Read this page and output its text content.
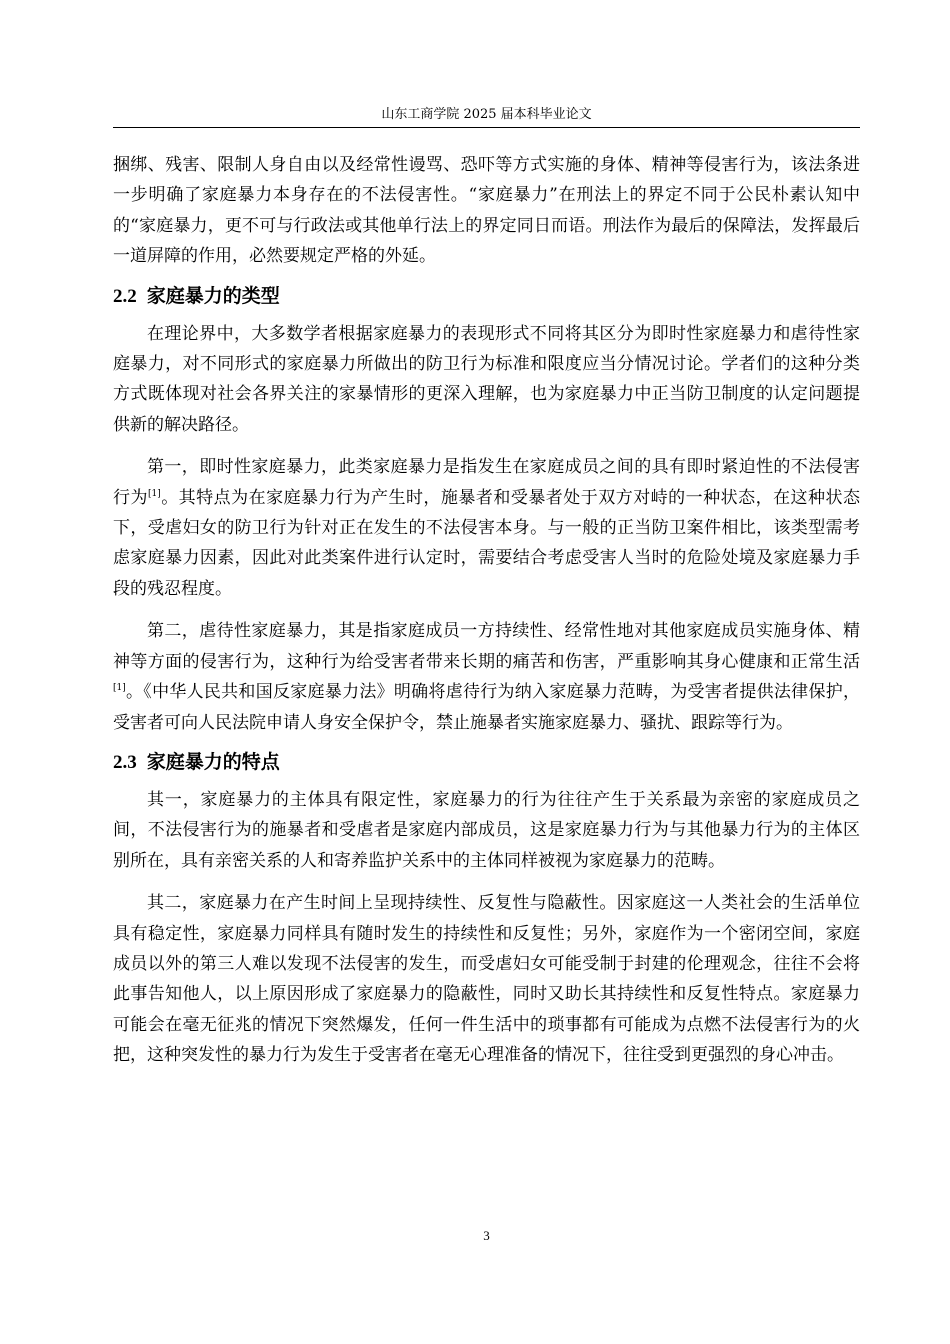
山东工商学院 2025 届本科毕业论文

捆绑、残害、限制人身自由以及经常性谩骂、恐吓等方式实施的身体、精神等侵害行为，该法条进一步明确了家庭暴力本身存在的不法侵害性。“家庭暴力”在刑法上的界定不同于公民朴素认知中的“家庭暴力，更不可与行政法或其他单行法上的界定同日而语。刑法作为最后的保障法，发挥最后一道屏障的作用，必然要规定严格的外延。

2.2 家庭暴力的类型

在理论界中，大多数学者根据家庭暴力的表现形式不同将其区分为即时性家庭暴力和虐待性家庭暴力，对不同形式的家庭暴力所做出的防卫行为标准和限度应当分情况讨论。学者们的这种分类方式既体现对社会各界关注的家暴情形的更深入理解，也为家庭暴力中正当防卫制度的认定问题提供新的解决路径。

第一，即时性家庭暴力，此类家庭暴力是指发生在家庭成员之间的具有即时紧迫性的不法侵害行为[1]。其特点为在家庭暴力行为产生时，施暴者和受暴者处于双方对峙的一种状态，在这种状态下，受虐妇女的防卫行为针对正在发生的不法侵害本身。与一般的正当防卫案件相比，该类型需考虑家庭暴力因素，因此对此类案件进行认定时，需要结合考虑受害人当时的危险处境及家庭暴力手段的残忍程度。

第二，虐待性家庭暴力，其是指家庭成员一方持续性、经常性地对其他家庭成员实施身体、精神等方面的侵害行为，这种行为给受害者带来长期的痛苦和伤害，严重影响其身心健康和正常生活[1]。《中华人民共和国反家庭暴力法》明确将虐待行为纳入家庭暴力范畴，为受害者提供法律保护，受害者可向人民法院申请人身安全保护令，禁止施暴者实施家庭暴力、骚扰、跟踪等行为。

2.3 家庭暴力的特点

其一，家庭暴力的主体具有限定性，家庭暴力的行为往往产生于关系最为亲密的家庭成员之间，不法侵害行为的施暴者和受虐者是家庭内部成员，这是家庭暴力行为与其他暴力行为的主体区别所在，具有亲密关系的人和寄养监护关系中的主体同样被视为家庭暴力的范畴。

其二，家庭暴力在产生时间上呈现持续性、反复性与隐蔽性。因家庭这一人类社会的生活单位具有稳定性，家庭暴力同样具有随时发生的持续性和反复性；另外，家庭作为一个密闭空间，家庭成员以外的第三人难以发现不法侵害的发生，而受虐妇女可能受制于封建的伦理观念，往往不会将此事告知他人，以上原因形成了家庭暴力的隐蔽性，同时又助长其持续性和反复性特点。家庭暴力可能会在毫无征兆的情况下突然爆发，任何一件生活中的琐事都有可能成为点燃不法侵害行为的火把，这种突发性的暴力行为发生于受害者在毫无心理准备的情况下，往往受到更强烈的身心冲击。

3
